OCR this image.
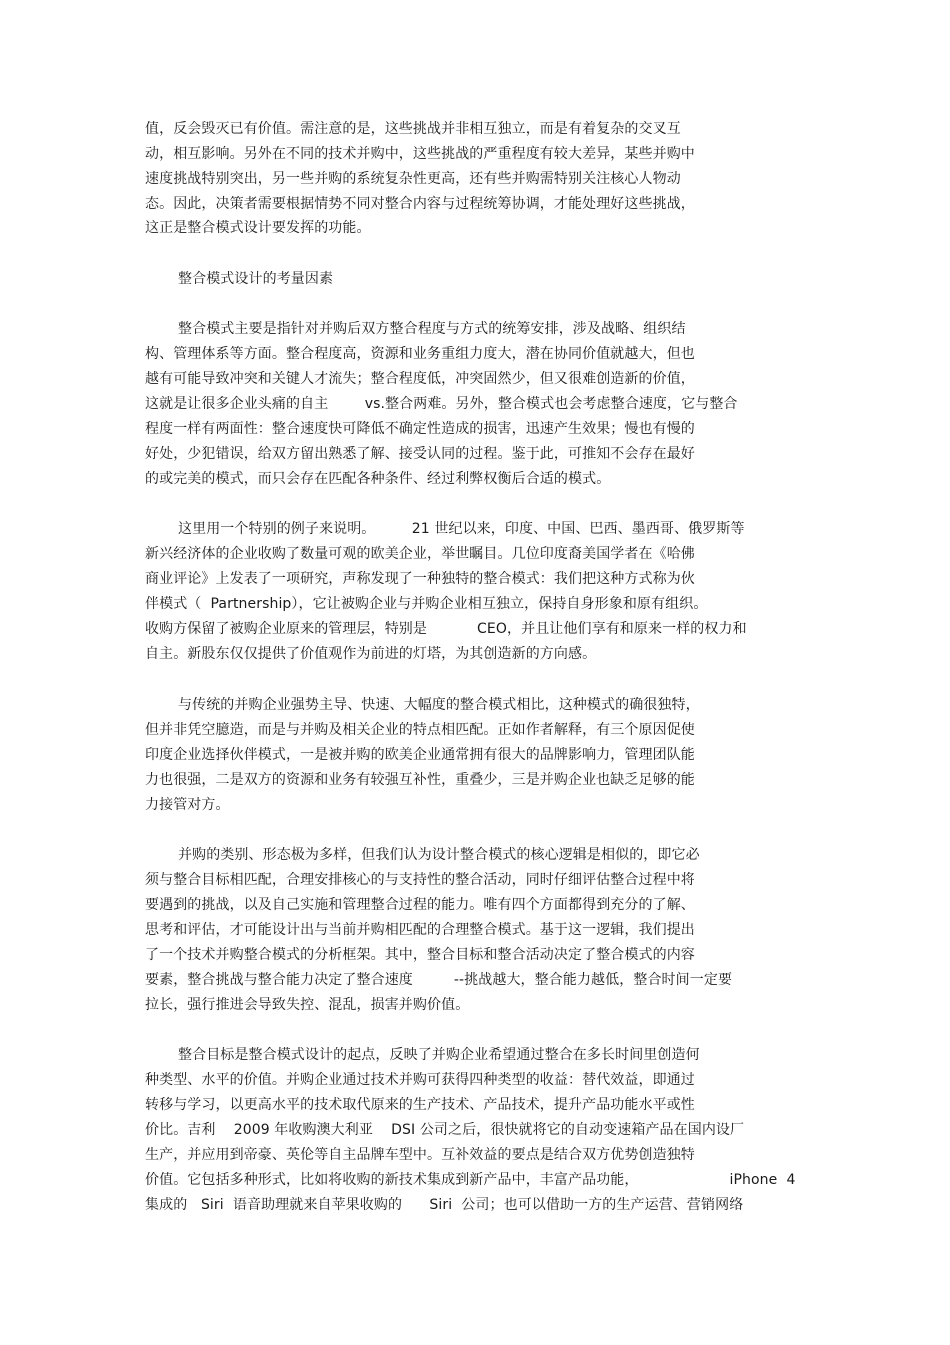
值，反会毁灭已有价值。需注意的是，这些挑战并非相互独立，而是有着复杂的交叉互
动，相互影响。另外在不同的技术并购中，这些挑战的严重程度有较大差异，某些并购中
速度挑战特别突出，另一些并购的系统复杂性更高，还有些并购需特别关注核心人物动
态。因此，决策者需要根据情势不同对整合内容与过程统筹协调，才能处理好这些挑战，
这正是整合模式设计要发挥的功能。
整合模式设计的考量因素
整合模式主要是指针对并购后双方整合程度与方式的统筹安排，涉及战略、组织结
构、管理体系等方面。整合程度高，资源和业务重组力度大，潜在协同价值就越大，但也
越有可能导致冲突和关键人才流失；整合程度低，冲突固然少，但又很难创造新的价值，
这就是让很多企业头痛的自主        vs.整合两难。另外，整合模式也会考虑整合速度，它与整合
程度一样有两面性：整合速度快可降低不确定性造成的损害，迅速产生效果；慢也有慢的
好处，少犯错误，给双方留出熟悉了解、接受认同的过程。鉴于此，可推知不会存在最好
的或完美的模式，而只会存在匹配各种条件、经过利弊权衡后合适的模式。
这里用一个特别的例子来说明。        21 世纪以来，印度、中国、巴西、墨西哥、俄罗斯等
新兴经济体的企业收购了数量可观的欧美企业，举世瞩目。几位印度裔美国学者在《哈佛
商业评论》上发表了一项研究，声称发现了一种独特的整合模式：我们把这种方式称为伙
伴模式（  Partnership），它让被购企业与并购企业相互独立，保持自身形象和原有组织。
收购方保留了被购企业原来的管理层，特别是           CEO，并且让他们享有和原来一样的权力和
自主。新股东仅仅提供了价值观作为前进的灯塔，为其创造新的方向感。
与传统的并购企业强势主导、快速、大幅度的整合模式相比，这种模式的确很独特，
但并非凭空臆造，而是与并购及相关企业的特点相匹配。正如作者解释，有三个原因促使
印度企业选择伙伴模式，一是被并购的欧美企业通常拥有很大的品牌影响力，管理团队能
力也很强，二是双方的资源和业务有较强互补性，重叠少，三是并购企业也缺乏足够的能
力接管对方。
并购的类别、形态极为多样，但我们认为设计整合模式的核心逻辑是相似的，即它必
须与整合目标相匹配，合理安排核心的与支持性的整合活动，同时仔细评估整合过程中将
要遇到的挑战，以及自己实施和管理整合过程的能力。唯有四个方面都得到充分的了解、
思考和评估，才可能设计出与当前并购相匹配的合理整合模式。基于这一逻辑，我们提出
了一个技术并购整合模式的分析框架。其中，整合目标和整合活动决定了整合模式的内容
要素，整合挑战与整合能力决定了整合速度         --挑战越大，整合能力越低，整合时间一定要
拉长，强行推进会导致失控、混乱，损害并购价值。
整合目标是整合模式设计的起点，反映了并购企业希望通过整合在多长时间里创造何
种类型、水平的价值。并购企业通过技术并购可获得四种类型的收益：替代效益，即通过
转移与学习，以更高水平的技术取代原来的生产技术、产品技术，提升产品功能水平或性
价比。吉利    2009 年收购澳大利亚    DSI 公司之后，很快就将它的自动变速箱产品在国内设厂
生产，并应用到帝豪、英伦等自主品牌车型中。互补效益的要点是结合双方优势创造独特
价值。它包括多种形式，比如将收购的新技术集成到新产品中，丰富产品功能，                    iPhone  4
集成的   Siri  语音助理就来自苹果收购的      Siri  公司；也可以借助一方的生产运营、营销网络
